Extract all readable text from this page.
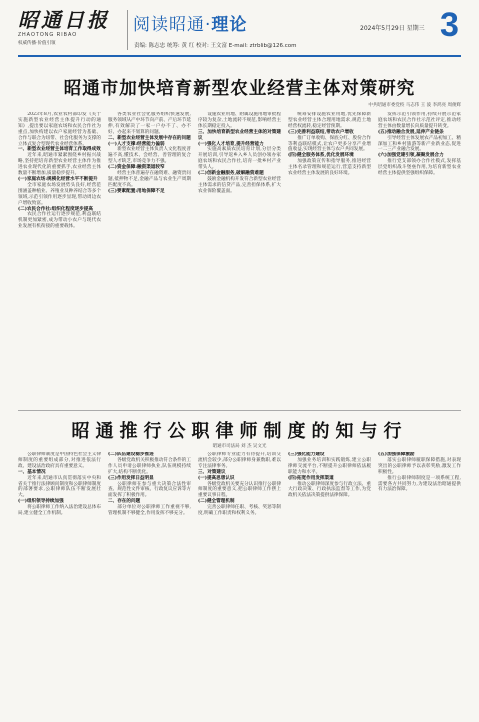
昭通日报
ZHAOTONG RIBAO
权威传播·价值引领
阅读昭通·理论
责编: 陈志忠 统筹: 黄 红 校对: 王文富 E-mail: ztrblib@126.com
2024年5月29日 星期三 3
昭通市加快培育新型农业经营主体对策研究
中共昭通市委党校 马志伟 王 波 李鸿亮 周俊辉

2023年8月,农业农村部印发《关于实施新型农业经营主体提升行动的通知》,提出要以家庭农场和农民合作社为重点,加快构建以农户家庭经营为基础、合作与联合为纽带、社会化服务为支撑的立体式复合型现代农业经营体系。

一、新型农业经营主体培育工作取得成效

近年来,昭通市紧紧围绕乡村振兴战略,坚持把培育新型农业经营主体作为推进农业现代化的重要抓手,农业经营主体数量不断增加,质量稳步提升。

(一)家庭农场:规模化经营水平不断提升

全市家庭农场发展势头良好,经营范围涵盖种植业、养殖业及种养结合等多个领域,示范引领作用逐步显现,带动周边农户增收致富。

(二)农民合作社:组织化程度逐步提高

农民合作社运行逐步规范,利益联结机制更加紧密,成为带动小农户与现代农业发展有机衔接的重要载体。

各类农业社会化服务组织快速发展,服务领域从产中环节向产前、产后环节延伸,有效解决了一家一户办不了、办不好、办起来不划算的问题。

二、新型农业经营主体发展中存在的问题

(一)人才支撑:经营能力偏弱

新型农业经营主体负责人文化程度普遍不高,懂技术、会经营、善管理的复合型人才缺乏,市场竞争力不强。

(二)资金保障:融资渠道较窄

经营主体普遍存在融资难、融资贵问题,抵押物不足,金融产品与农业生产周期匹配度不高。

(三)要素配置:用地保障不足

设施农业用地、附属设施用地审批程序较为复杂,土地流转不规范,影响经营主体长期稳定投入。

三、加快培育新型农业经营主体的对策建议

(一)强化人才培育,提升经营能力

实施高素质农民培育计划,分层分类开展培训,引导返乡入乡人员创办领办家庭农场和农民合作社,培育一批乡村产业带头人。

(二)创新金融服务,破解融资难题

鼓励金融机构开发符合新型农业经营主体需求的信贷产品,完善担保体系,扩大农业保险覆盖面。

统筹安排设施农业用地,优先保障新型农业经营主体合理用地需求,规范土地经营权流转,稳定经营预期。

(三)完善利益联结,带动农户增收

推广订单收购、保底分红、股份合作等利益联结模式,让农户更多分享产业增值收益,实现经营主体与农户共同发展。

(四)健全服务体系,优化发展环境

加强政策宣传和指导服务,推进经营主体名录管理和规范运行,营造支持新型农业经营主体发展的良好环境。

发挥示范引领作用,持续开展示范家庭农场和农民合作社示范社评定,推动经营主体由数量增长向质量提升转变。

(五)推动融合发展,延伸产业链条

引导经营主体发展农产品初加工、精深加工和乡村旅游等新产业新业态,促进一二三产业融合发展。

(六)加强党建引领,凝聚发展合力

推行党支部领办合作社模式,发挥基层党组织战斗堡垒作用,为培育新型农业经营主体提供坚强组织保障。

昭通推行公职律师制度的知与行
昭通市司法局 刘 杰 吴文光

公职律师制度是中国特色社会主义律师制度的重要组成部分,对推进依法行政、建设法治政府具有重要意义。

一、基本情况

近年来,昭通市认真贯彻落实中央和省关于推行法律顾问制度和公职律师制度的部署要求,公职律师队伍不断发展壮大。

(一)组织领导持续加强

将公职律师工作纳入法治建设总体布局,建立健全工作机制。

(二)队伍建设稳步推进

各级党政机关积极推动符合条件的工作人员申请公职律师执业,队伍规模持续扩大,结构不断优化。

(三)作用发挥日益明显

公职律师在参与重大决策合法性审查、规范性文件审核、行政复议应诉等方面发挥了积极作用。

二、存在的问题

部分单位对公职律师工作重视不够,管理机制不够健全,作用发挥不够充分。

公职律师专业能力有待提升,培训交流机会较少,部分公职律师身兼数职,难以专注法律事务。

三、对策建议

(一)提高思想认识

各级党政机关要充分认识推行公职律师制度的重要意义,把公职律师工作摆上重要议事日程。

(二)健全管理机制

完善公职律师任职、考核、奖惩等制度,明确工作职责和权利义务。

(三)强化能力建设

加强业务培训和实践锻炼,建立公职律师交流平台,不断提升公职律师依法履职能力和水平。

(四)拓宽作用发挥渠道

推动公职律师深度参与行政立法、重大行政决策、行政执法监督等工作,为党政机关依法决策提供法律保障。

(五)加强保障激励

落实公职律师履职保障措施,对表现突出的公职律师予以表彰奖励,激发工作积极性。

推行公职律师制度是一项系统工程,需要各方共同努力,为建设法治昭通提供有力法治保障。
